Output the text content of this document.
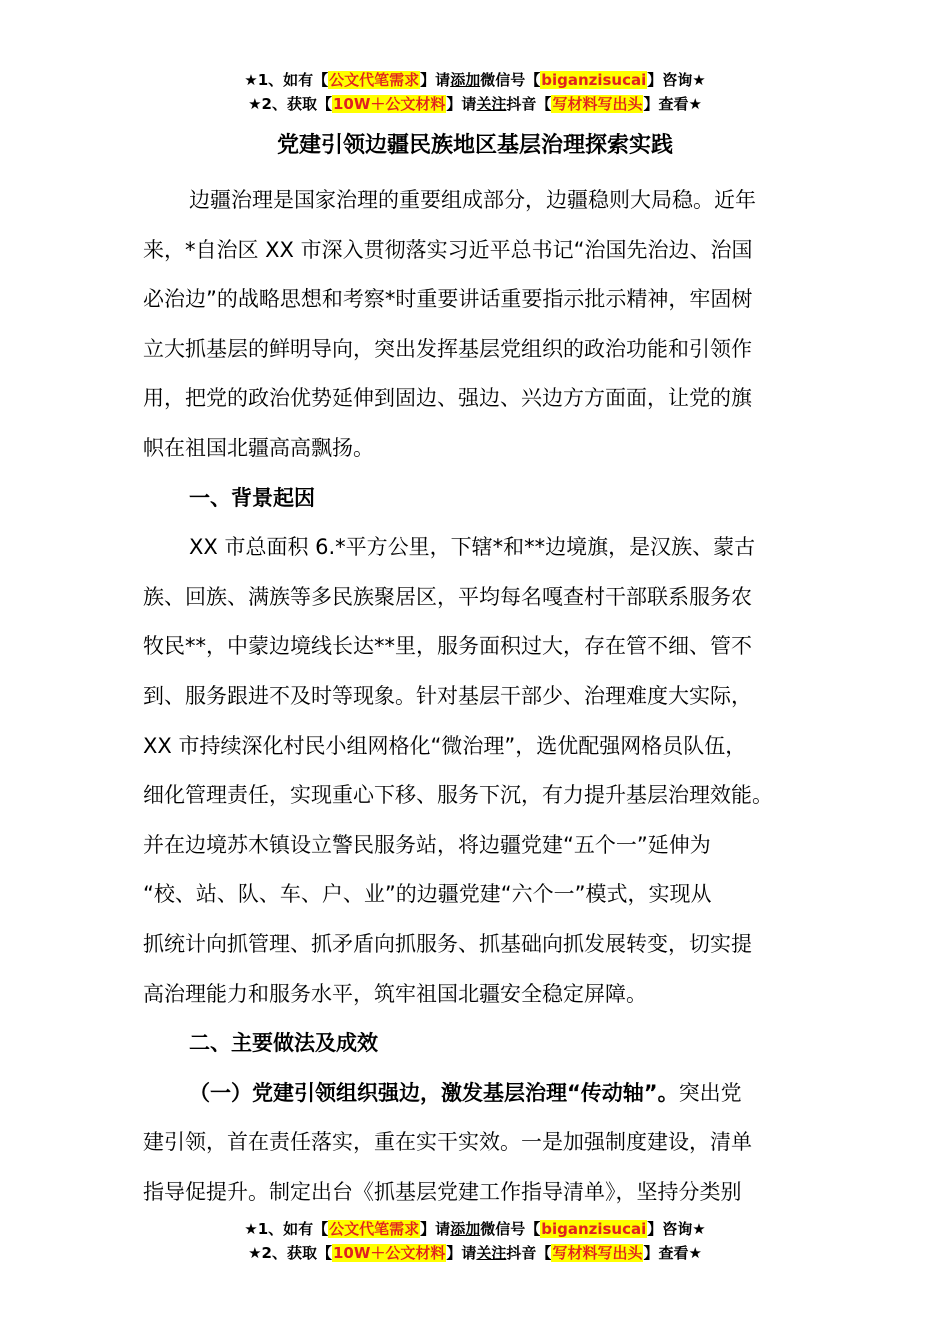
★1、如有【公文代笔需求】请添加微信号【biganzisucai】咨询★
★2、获取【10W＋公文材料】请关注抖音【写材料写出头】查看★
党建引领边疆民族地区基层治理探索实践
边疆治理是国家治理的重要组成部分，边疆稳则大局稳。近年
来，*自治区 XX 市深入贯彻落实习近平总书记“治国先治边、治国
必治边”的战略思想和考察*时重要讲话重要指示批示精神，牢固树
立大抓基层的鲜明导向，突出发挥基层党组织的政治功能和引领作
用，把党的政治优势延伸到固边、强边、兴边方方面面，让党的旗
帜在祖国北疆高高飘扬。
一、背景起因
XX 市总面积 6.*平方公里，下辖*和**边境旗，是汉族、蒙古
族、回族、满族等多民族聚居区，平均每名嘎查村干部联系服务农
牧民**，中蒙边境线长达**里，服务面积过大，存在管不细、管不
到、服务跟进不及时等现象。针对基层干部少、治理难度大实际，
XX 市持续深化村民小组网格化“微治理”，选优配强网格员队伍，
细化管理责任，实现重心下移、服务下沉，有力提升基层治理效能。
并在边境苏木镇设立警民服务站，将边疆党建“五个一”延伸为
“校、站、队、车、户、业”的边疆党建“六个一”模式，实现从
抓统计向抓管理、抓矛盾向抓服务、抓基础向抓发展转变，切实提
高治理能力和服务水平，筑牢祖国北疆安全稳定屏障。
二、主要做法及成效
（一）党建引领组织强边，激发基层治理“传动轴”。突出党
建引领，首在责任落实，重在实干实效。一是加强制度建设，清单
指导促提升。制定出台《抓基层党建工作指导清单》，坚持分类别
★1、如有【公文代笔需求】请添加微信号【biganzisucai】咨询★
★2、获取【10W＋公文材料】请关注抖音【写材料写出头】查看★
